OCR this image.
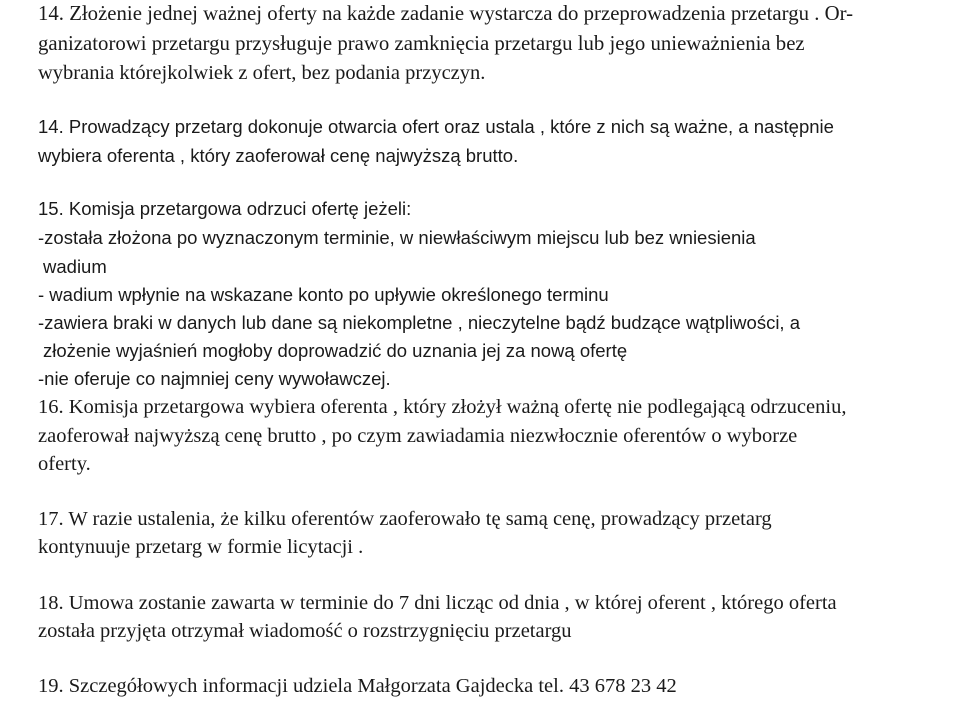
14. Złożenie jednej ważnej oferty na każde zadanie wystarcza do przeprowadzenia przetargu . Or-

ganizatorowi przetargu przysługuje prawo zamknięcia przetargu lub jego unieważnienia bez

wybrania którejkolwiek z ofert, bez podania przyczyn.

14. Prowadzący przetarg dokonuje otwarcia ofert oraz ustala , które z nich są ważne, a następnie

wybiera oferenta , który zaoferował cenę najwyższą brutto.

15. Komisja przetargowa odrzuci ofertę jeżeli:

-została złożona po wyznaczonym terminie, w niewłaściwym miejscu lub bez wniesienia

wadium

- wadium wpłynie na wskazane konto po upływie określonego terminu

-zawiera braki w danych lub dane są niekompletne , nieczytelne bądź budzące wątpliwości, a

złożenie wyjaśnień mogłoby doprowadzić do uznania jej za nową ofertę

-nie oferuje co najmniej ceny wywoławczej.

16. Komisja przetargowa wybiera oferenta , który złożył ważną ofertę nie podlegającą odrzuceniu,

zaoferował najwyższą cenę brutto , po czym zawiadamia niezwłocznie oferentów o wyborze

oferty.

17. W razie ustalenia, że kilku oferentów zaoferowało tę samą cenę, prowadzący przetarg

kontynuuje przetarg w formie licytacji .

18. Umowa zostanie zawarta w terminie do 7 dni licząc od dnia , w której oferent , którego oferta

została przyjęta otrzymał wiadomość o rozstrzygnięciu przetargu

19. Szczegółowych informacji udziela Małgorzata Gajdecka tel. 43 678 23 42
